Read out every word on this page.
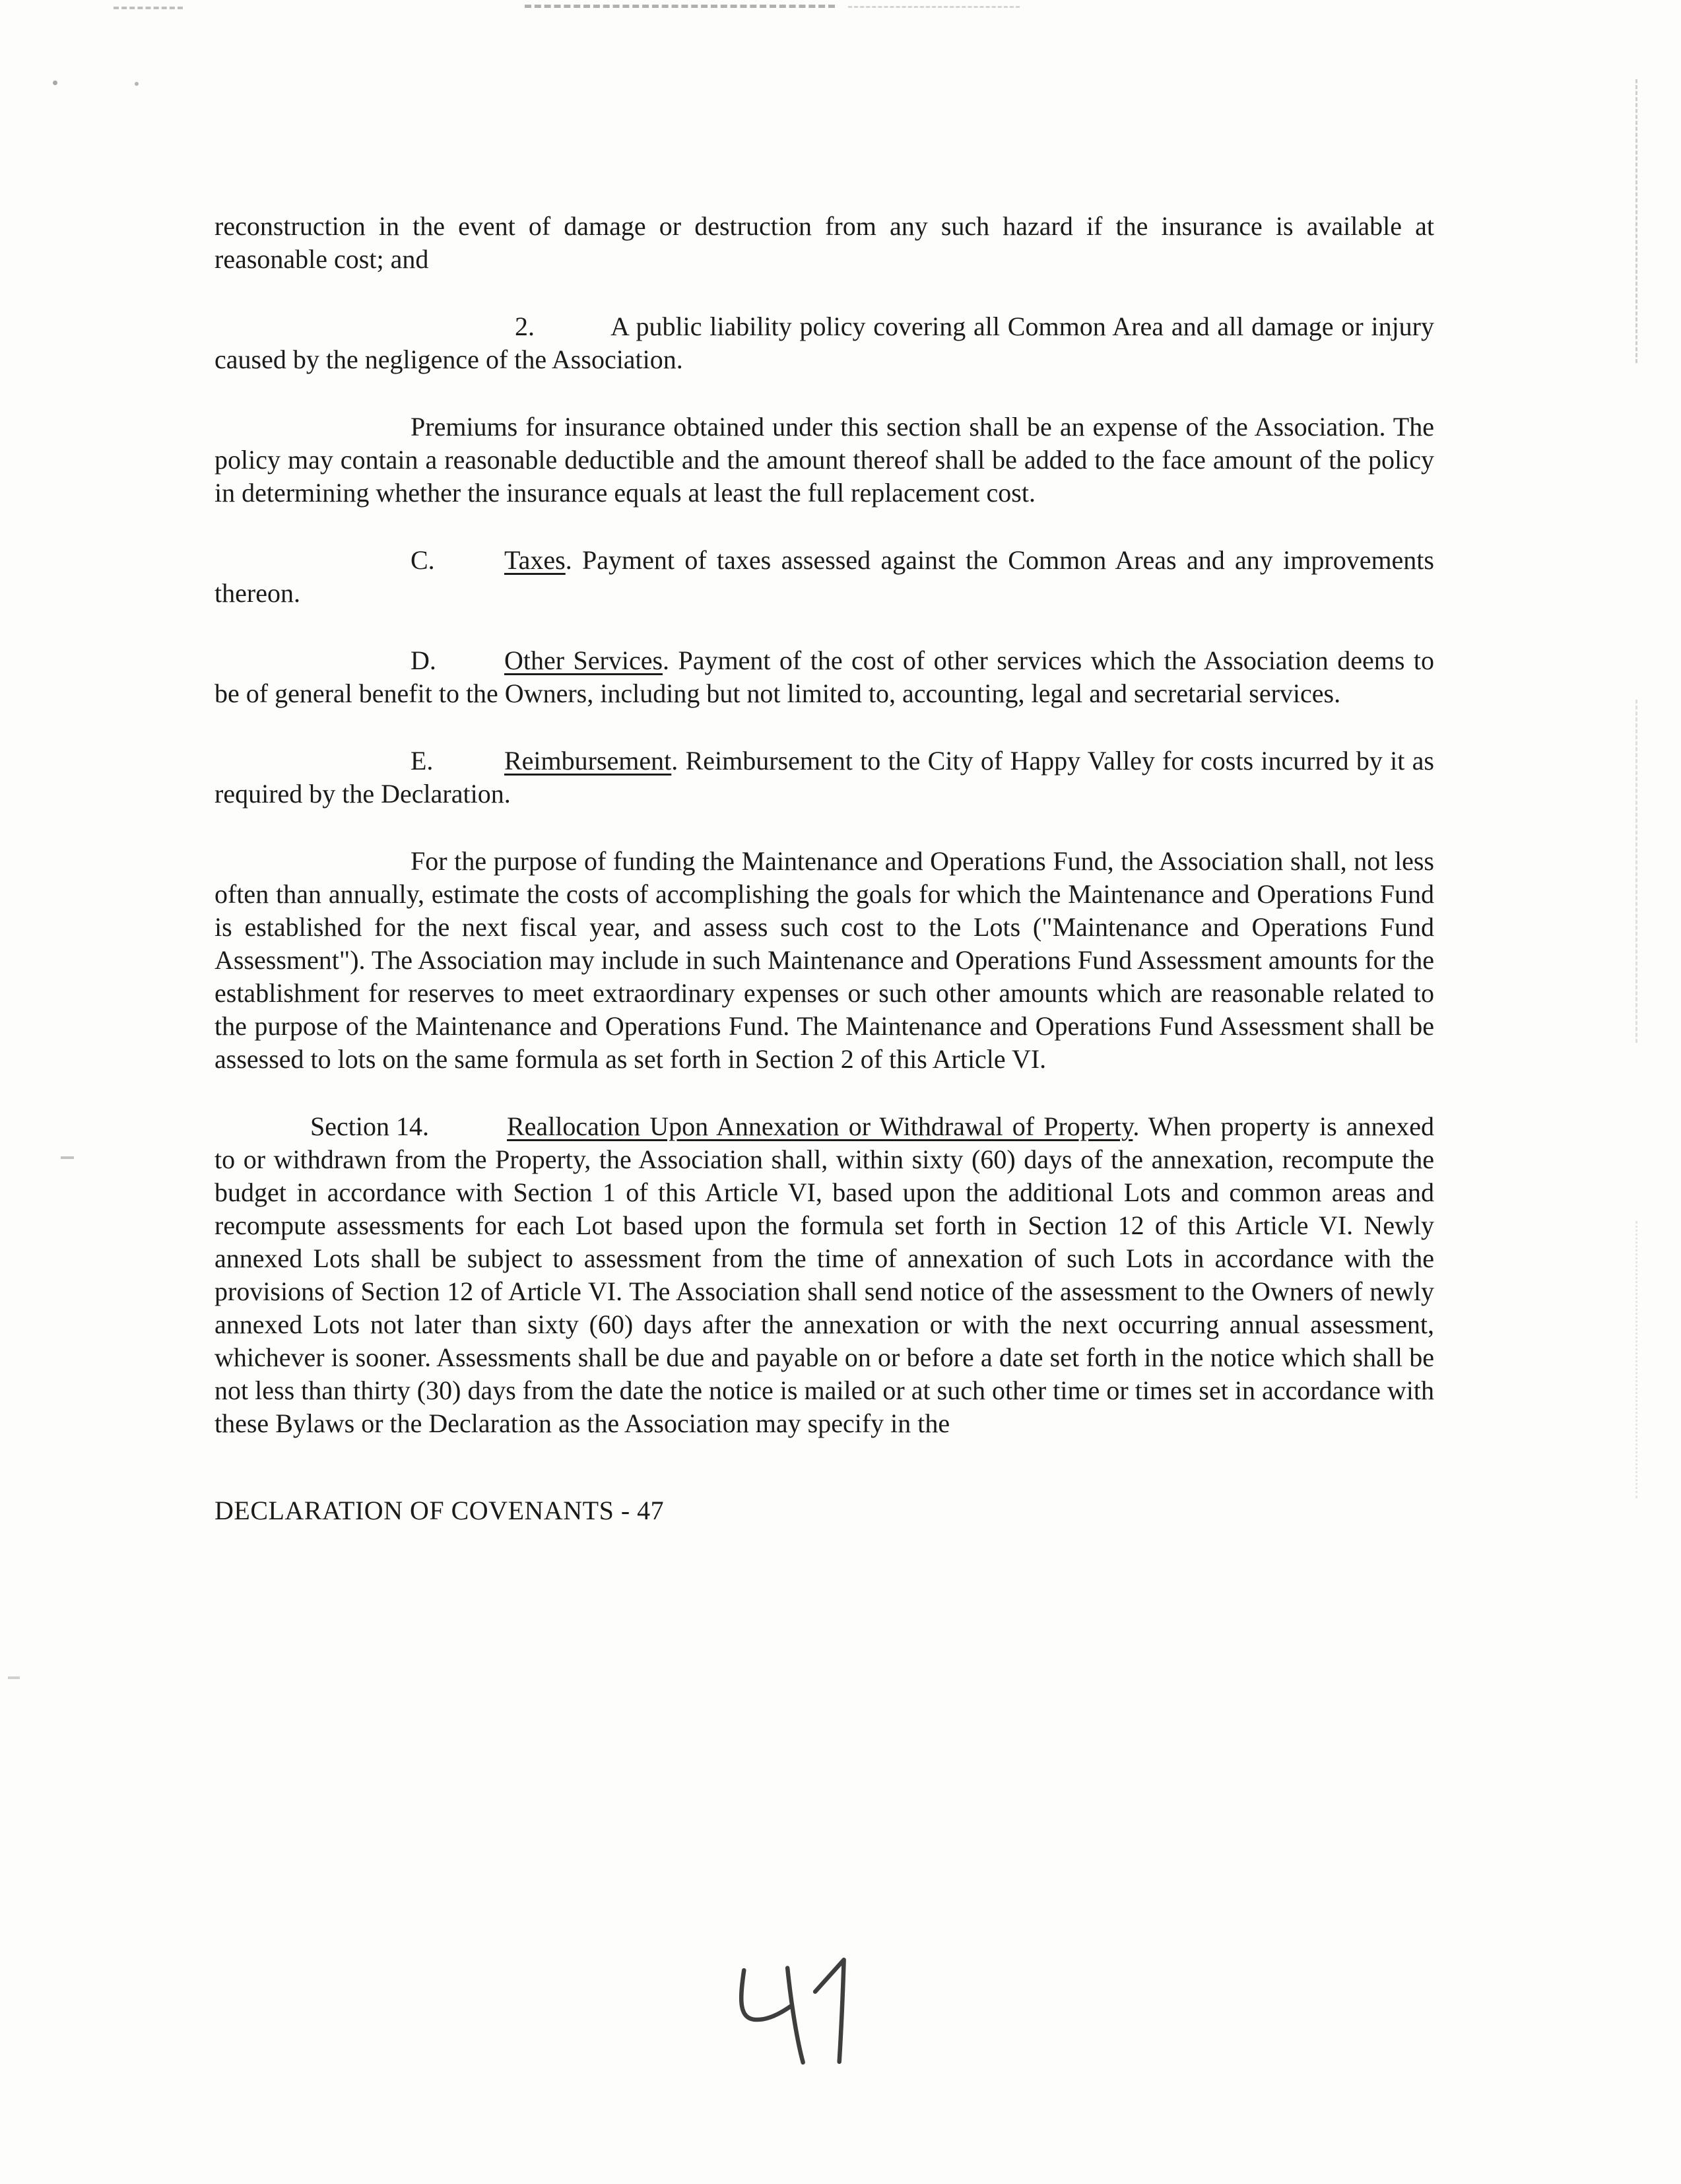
reconstruction in the event of damage or destruction from any such hazard if the insurance is available at reasonable cost; and

2.	A public liability policy covering all Common Area and all damage or injury caused by the negligence of the Association.

Premiums for insurance obtained under this section shall be an expense of the Association. The policy may contain a reasonable deductible and the amount thereof shall be added to the face amount of the policy in determining whether the insurance equals at least the full replacement cost.

C.	Taxes. Payment of taxes assessed against the Common Areas and any improvements thereon.

D.	Other Services. Payment of the cost of other services which the Association deems to be of general benefit to the Owners, including but not limited to, accounting, legal and secretarial services.

E.	Reimbursement. Reimbursement to the City of Happy Valley for costs incurred by it as required by the Declaration.

For the purpose of funding the Maintenance and Operations Fund, the Association shall, not less often than annually, estimate the costs of accomplishing the goals for which the Maintenance and Operations Fund is established for the next fiscal year, and assess such cost to the Lots ("Maintenance and Operations Fund Assessment"). The Association may include in such Maintenance and Operations Fund Assessment amounts for the establishment for reserves to meet extraordinary expenses or such other amounts which are reasonable related to the purpose of the Maintenance and Operations Fund. The Maintenance and Operations Fund Assessment shall be assessed to lots on the same formula as set forth in Section 2 of this Article VI.

Section 14.	Reallocation Upon Annexation or Withdrawal of Property. When property is annexed to or withdrawn from the Property, the Association shall, within sixty (60) days of the annexation, recompute the budget in accordance with Section 1 of this Article VI, based upon the additional Lots and common areas and recompute assessments for each Lot based upon the formula set forth in Section 12 of this Article VI. Newly annexed Lots shall be subject to assessment from the time of annexation of such Lots in accordance with the provisions of Section 12 of Article VI. The Association shall send notice of the assessment to the Owners of newly annexed Lots not later than sixty (60) days after the annexation or with the next occurring annual assessment, whichever is sooner. Assessments shall be due and payable on or before a date set forth in the notice which shall be not less than thirty (30) days from the date the notice is mailed or at such other time or times set in accordance with these Bylaws or the Declaration as the Association may specify in the

DECLARATION OF COVENANTS - 47
